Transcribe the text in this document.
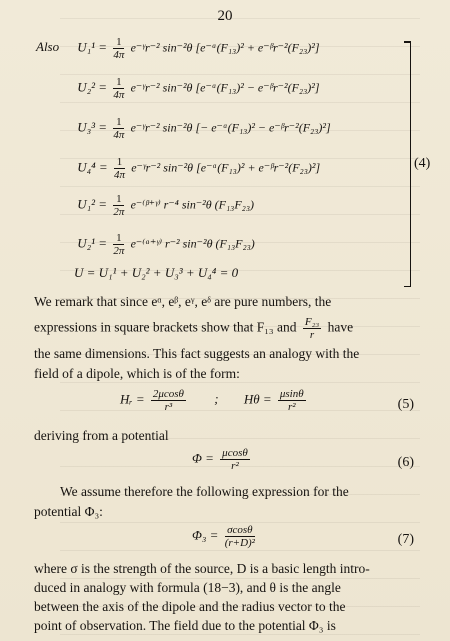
20
Also $U_1^1 = \frac{1}{4\pi}$ e⁻ᵞr⁻² sin⁻²θ [e⁻ᵅ(F₁₃)² + e⁻ᵝr⁻²(F₂₃)²]
$U_2^2 = \frac{1}{4\pi}$ e⁻ᵞr⁻² sin⁻²θ [e⁻ᵅ(F₁₃)² − e⁻ᵝr⁻²(F₂₃)²]
$U_3^3 = \frac{1}{4\pi}$ e⁻ᵞr⁻² sin⁻²θ [− e⁻ᵅ(F₁₃)² − e⁻ᵝr⁻²(F₂₃)²]
$U_4^4 = \frac{1}{4\pi}$ e⁻ᵞr⁻² sin⁻²θ [e⁻ᵅ(F₁₃)² + e⁻ᵝr⁻²(F₂₃)²]
$U_1^2 = \frac{1}{2\pi}$ e⁻⁽ᵝ⁺ᵞ⁾ r⁻⁴ sin⁻²θ (F₁₃F₂₃)
$U_2^1 = \frac{1}{2\pi}$ e⁻⁽ᵅ⁺ᵞ⁾ r⁻² sin⁻²θ (F₁₃F₂₃)
U = U₁¹ + U₂² + U₃³ + U₄⁴ = 0
(4)
We remark that since eᵅ, eᵝ, eᵞ, eᵟ are pure numbers, the
expressions in square brackets show that F₁₃ and $\frac{\text{F₂₃}}{r}$ have
the same dimensions. This fact suggests an analogy with the
field of a dipole, which is of the form:
Hᵣ = $\frac{2\mu\cos\theta}{\text{r³}}$ ; $H\theta = \frac{\mu\sin\theta}{\text{r²}}$	(5)
deriving from a potential
$\Phi = \frac{\mu\cos\theta}{\text{r²}}$	(6)
We assume therefore the following expression for the
potential Φ₃:
$\Phi_3 = \frac{\sigma\cos\theta}{\text{(r+D)²}}$	(7)
where σ is the strength of the source, D is a basic length intro-
duced in analogy with formula (18−3), and θ is the angle
between the axis of the dipole and the radius vector to the
point of observation. The field due to the potential Φ₃ is
